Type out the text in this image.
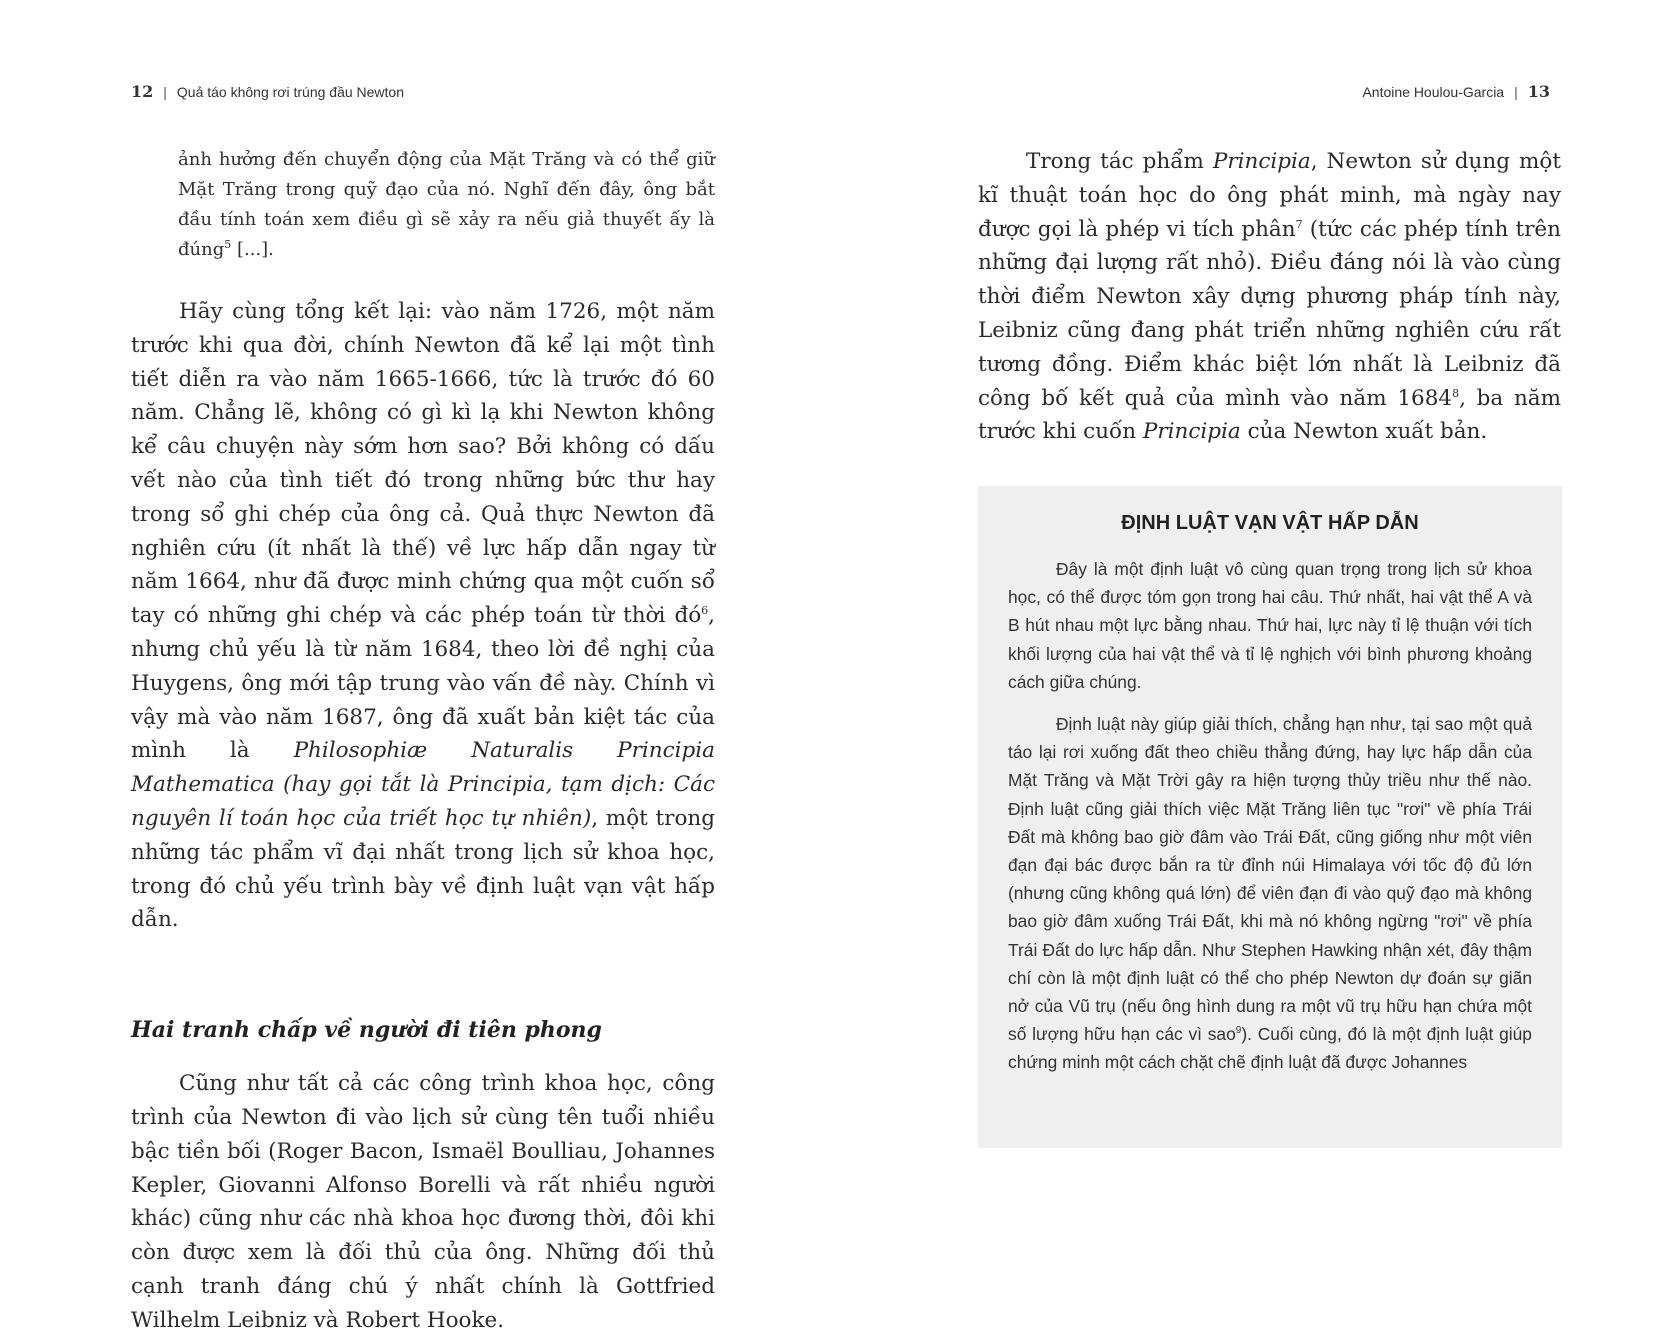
12 | Quả táo không rơi trúng đầu Newton	Antoine Houlou-Garcia | 13

ảnh hưởng đến chuyển động của Mặt Trăng và có thể giữ Mặt Trăng trong quỹ đạo của nó. Nghĩ đến đây, ông bắt đầu tính toán xem điều gì sẽ xảy ra nếu giả thuyết ấy là đúng$^5$ [...].

Hãy cùng tổng kết lại: vào năm 1726, một năm trước khi qua đời, chính Newton đã kể lại một tình tiết diễn ra vào năm 1665-1666, tức là trước đó 60 năm. Chẳng lẽ, không có gì kì lạ khi Newton không kể câu chuyện này sớm hơn sao? Bởi không có dấu vết nào của tình tiết đó trong những bức thư hay trong sổ ghi chép của ông cả. Quả thực Newton đã nghiên cứu (ít nhất là thế) về lực hấp dẫn ngay từ năm 1664, như đã được minh chứng qua một cuốn sổ tay có những ghi chép và các phép toán từ thời $đó^6$, nhưng chủ yếu là từ năm 1684, theo lời đề nghị của Huygens, ông mới tập trung vào vấn đề này. Chính vì vậy mà vào năm 1687, ông đã xuất bản kiệt tác của mình là Philosophiæ Naturalis Principia Mathematica (hay gọi tắt là Principia, tạm dịch: Các nguyên lí toán học của triết học tự nhiên), một trong những tác phẩm vĩ đại nhất trong lịch sử khoa học, trong đó chủ yếu trình bày về định luật vạn vật hấp dẫn.

Hai tranh chấp về người đi tiên phong

Cũng như tất cả các công trình khoa học, công trình của Newton đi vào lịch sử cùng tên tuổi nhiều bậc tiền bối (Roger Bacon, Ismaël Boulliau, Johannes Kepler, Giovanni Alfonso Borelli và rất nhiều người khác) cũng như các nhà khoa học đương thời, đôi khi còn được xem là đối thủ của ông. Những đối thủ cạnh tranh đáng chú ý nhất chính là Gottfried Wilhelm Leibniz và Robert Hooke.

Trong tác phẩm Principia, Newton sử dụng một kĩ thuật toán học do ông phát minh, mà ngày nay được gọi là phép vi tích phân$^7$ (tức các phép tính trên những đại lượng rất nhỏ). Điều đáng nói là vào cùng thời điểm Newton xây dựng phương pháp tính này, Leibniz cũng đang phát triển những nghiên cứu rất tương đồng. Điểm khác biệt lớn nhất là Leibniz đã công bố kết quả của mình vào năm 1684$^8$, ba năm trước khi cuốn Principia của Newton xuất bản.

ĐỊNH LUẬT VẠN VẬT HẤP DẪN

Đây là một định luật vô cùng quan trọng trong lịch sử khoa học, có thể được tóm gọn trong hai câu. Thứ nhất, hai vật thể A và B hút nhau một lực bằng nhau. Thứ hai, lực này tỉ lệ thuận với tích khối lượng của hai vật thể và tỉ lệ nghịch với bình phương khoảng cách giữa chúng.

Định luật này giúp giải thích, chẳng hạn như, tại sao một quả táo lại rơi xuống đất theo chiều thẳng đứng, hay lực hấp dẫn của Mặt Trăng và Mặt Trời gây ra hiện tượng thủy triều như thế nào. Định luật cũng giải thích việc Mặt Trăng liên tục "rơi" về phía Trái Đất mà không bao giờ đâm vào Trái Đất, cũng giống như một viên đạn đại bác được bắn ra từ đỉnh núi Himalaya với tốc độ đủ lớn (nhưng cũng không quá lớn) để viên đạn đi vào quỹ đạo mà không bao giờ đâm xuống Trái Đất, khi mà nó không ngừng "rơi" về phía Trái Đất do lực hấp dẫn. Như Stephen Hawking nhận xét, đây thậm chí còn là một định luật có thể cho phép Newton dự đoán sự giãn nở của Vũ trụ (nếu ông hình dung ra một vũ trụ hữu hạn chứa một số lượng hữu hạn các vì sao$^9$). Cuối cùng, đó là một định luật giúp chứng minh một cách chặt chẽ định luật đã được Johannes
